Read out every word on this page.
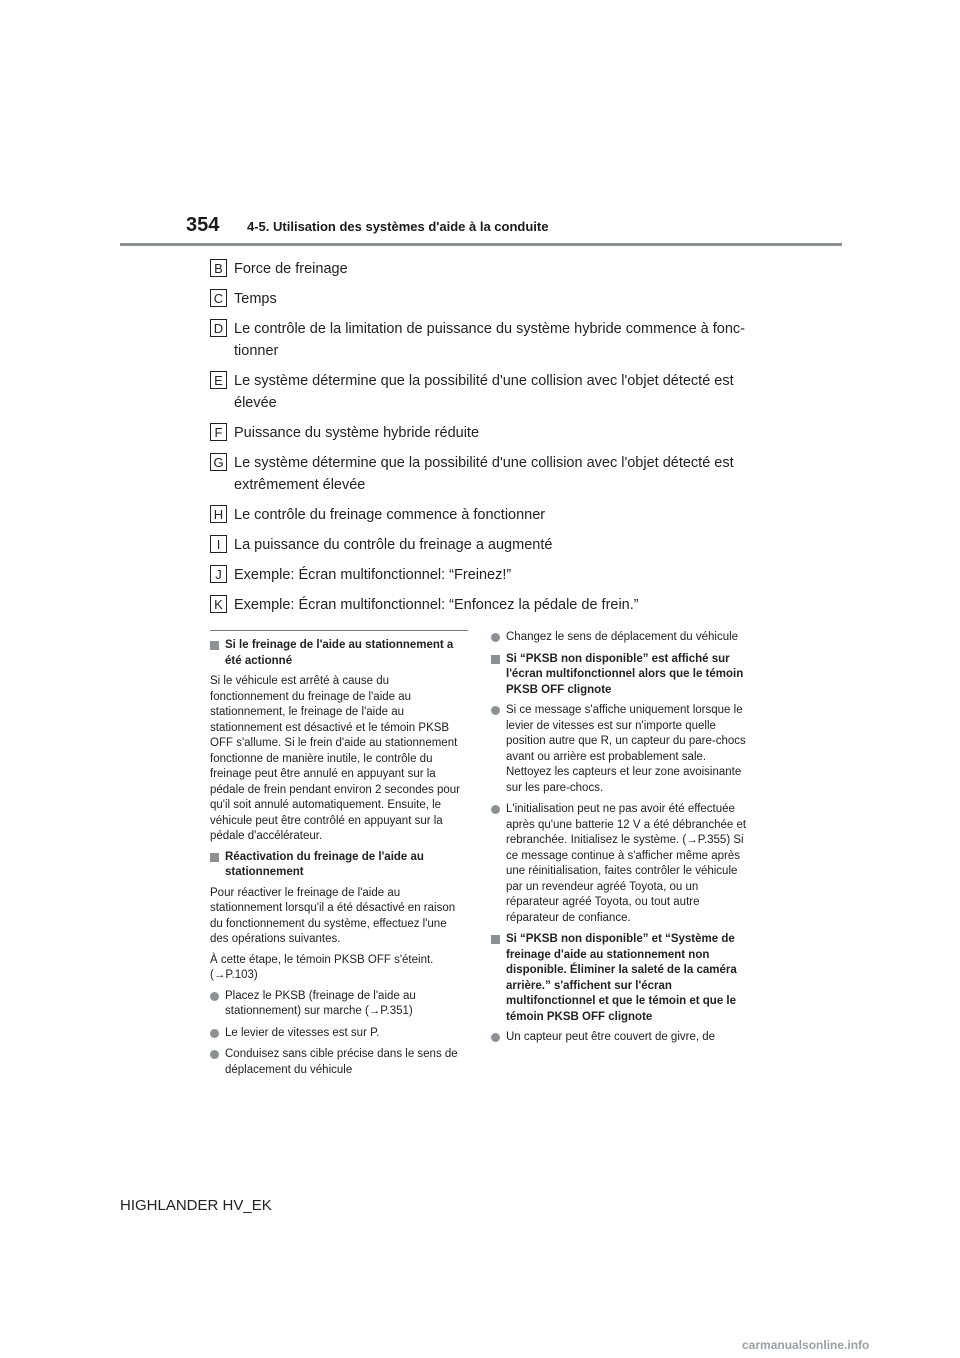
354 4-5. Utilisation des systèmes d'aide à la conduite
B Force de freinage
C Temps
D Le contrôle de la limitation de puissance du système hybride commence à fonc-tionner
E Le système détermine que la possibilité d'une collision avec l'objet détecté est élevée
F Puissance du système hybride réduite
G Le système détermine que la possibilité d'une collision avec l'objet détecté est extrêmement élevée
H Le contrôle du freinage commence à fonctionner
I La puissance du contrôle du freinage a augmenté
J Exemple: Écran multifonctionnel: “Freinez!”
K Exemple: Écran multifonctionnel: “Enfoncez la pédale de frein.”
Si le freinage de l'aide au stationnement a été actionné

Si le véhicule est arrêté à cause du fonctionnement du freinage de l'aide au stationnement, le freinage de l'aide au stationnement est désactivé et le témoin PKSB OFF s'allume. Si le frein d'aide au stationnement fonctionne de manière inutile, le contrôle du freinage peut être annulé en appuyant sur la pédale de frein pendant environ 2 secondes pour qu'il soit annulé automatiquement. Ensuite, le véhicule peut être contrôlé en appuyant sur la pédale d'accélérateur.

Réactivation du freinage de l'aide au stationnement

Pour réactiver le freinage de l'aide au stationnement lorsqu'il a été désactivé en raison du fonctionnement du système, effectuez l'une des opérations suivantes.

À cette étape, le témoin PKSB OFF s'éteint. (→P.103)

Placez le PKSB (freinage de l'aide au stationnement) sur marche (→P.351)
Le levier de vitesses est sur P.
Conduisez sans cible précise dans le sens de déplacement du véhicule
Changez le sens de déplacement du véhicule
Si “PKSB non disponible” est affiché sur l'écran multifonctionnel alors que le témoin PKSB OFF clignote
Si ce message s'affiche uniquement lorsque le levier de vitesses est sur n'importe quelle position autre que R, un capteur du pare-chocs avant ou arrière est probablement sale. Nettoyez les capteurs et leur zone avoisinante sur les pare-chocs.
L'initialisation peut ne pas avoir été effectuée après qu'une batterie 12 V a été débranchée et rebranchée. Initialisez le système. (→P.355) Si ce message continue à s'afficher même après une réinitialisation, faites contrôler le véhicule par un revendeur agréé Toyota, ou un réparateur agréé Toyota, ou tout autre réparateur de confiance.
Si “PKSB non disponible” et “Système de freinage d'aide au stationnement non disponible. Éliminer la saleté de la caméra arrière.” s'affichent sur l'écran multifonctionnel et que le témoin et que le témoin PKSB OFF clignote
Un capteur peut être couvert de givre, de
HIGHLANDER HV_EK
carmanualsonline.info
